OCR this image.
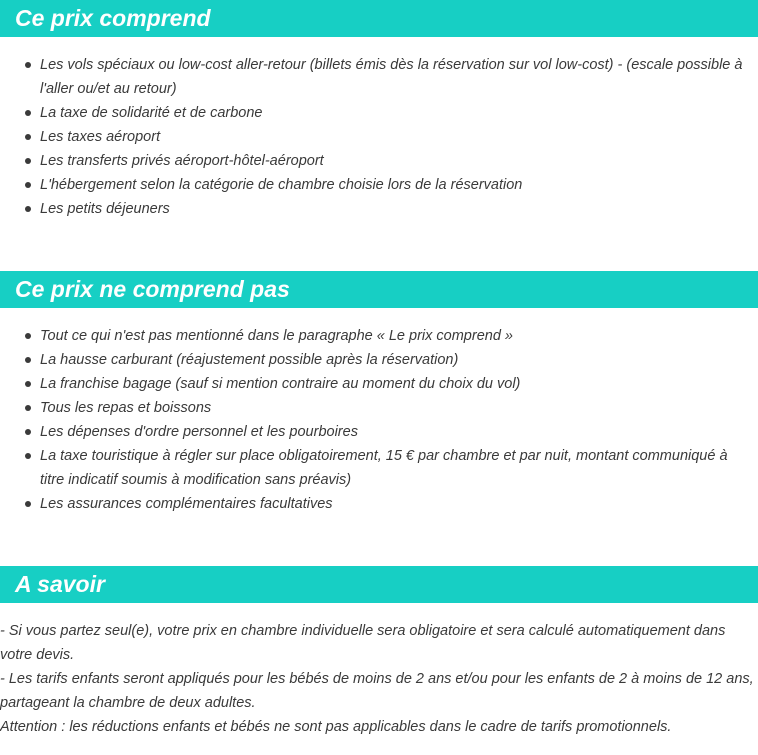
Ce prix comprend
Les vols spéciaux ou low-cost aller-retour (billets émis dès la réservation sur vol low-cost) - (escale possible à l'aller ou/et au retour)
La taxe de solidarité et de carbone
Les taxes aéroport
Les transferts privés aéroport-hôtel-aéroport
L'hébergement selon la catégorie de chambre choisie lors de la réservation
Les petits déjeuners
Ce prix ne comprend pas
Tout ce qui n'est pas mentionné dans le paragraphe « Le prix comprend »
La hausse carburant (réajustement possible après la réservation)
La franchise bagage (sauf si mention contraire au moment du choix du vol)
Tous les repas et boissons
Les dépenses d'ordre personnel et les pourboires
La taxe touristique à régler sur place obligatoirement, 15 € par chambre et par nuit, montant communiqué à titre indicatif soumis à modification sans préavis)
Les assurances complémentaires facultatives
A savoir

- Si vous partez seul(e), votre prix en chambre individuelle sera obligatoire et sera calculé automatiquement dans votre devis.

- Les tarifs enfants seront appliqués pour les bébés de moins de 2 ans et/ou pour les enfants de 2 à moins de 12 ans, partageant la chambre de deux adultes.

Attention : les réductions enfants et bébés ne sont pas applicables dans le cadre de tarifs promotionnels.
